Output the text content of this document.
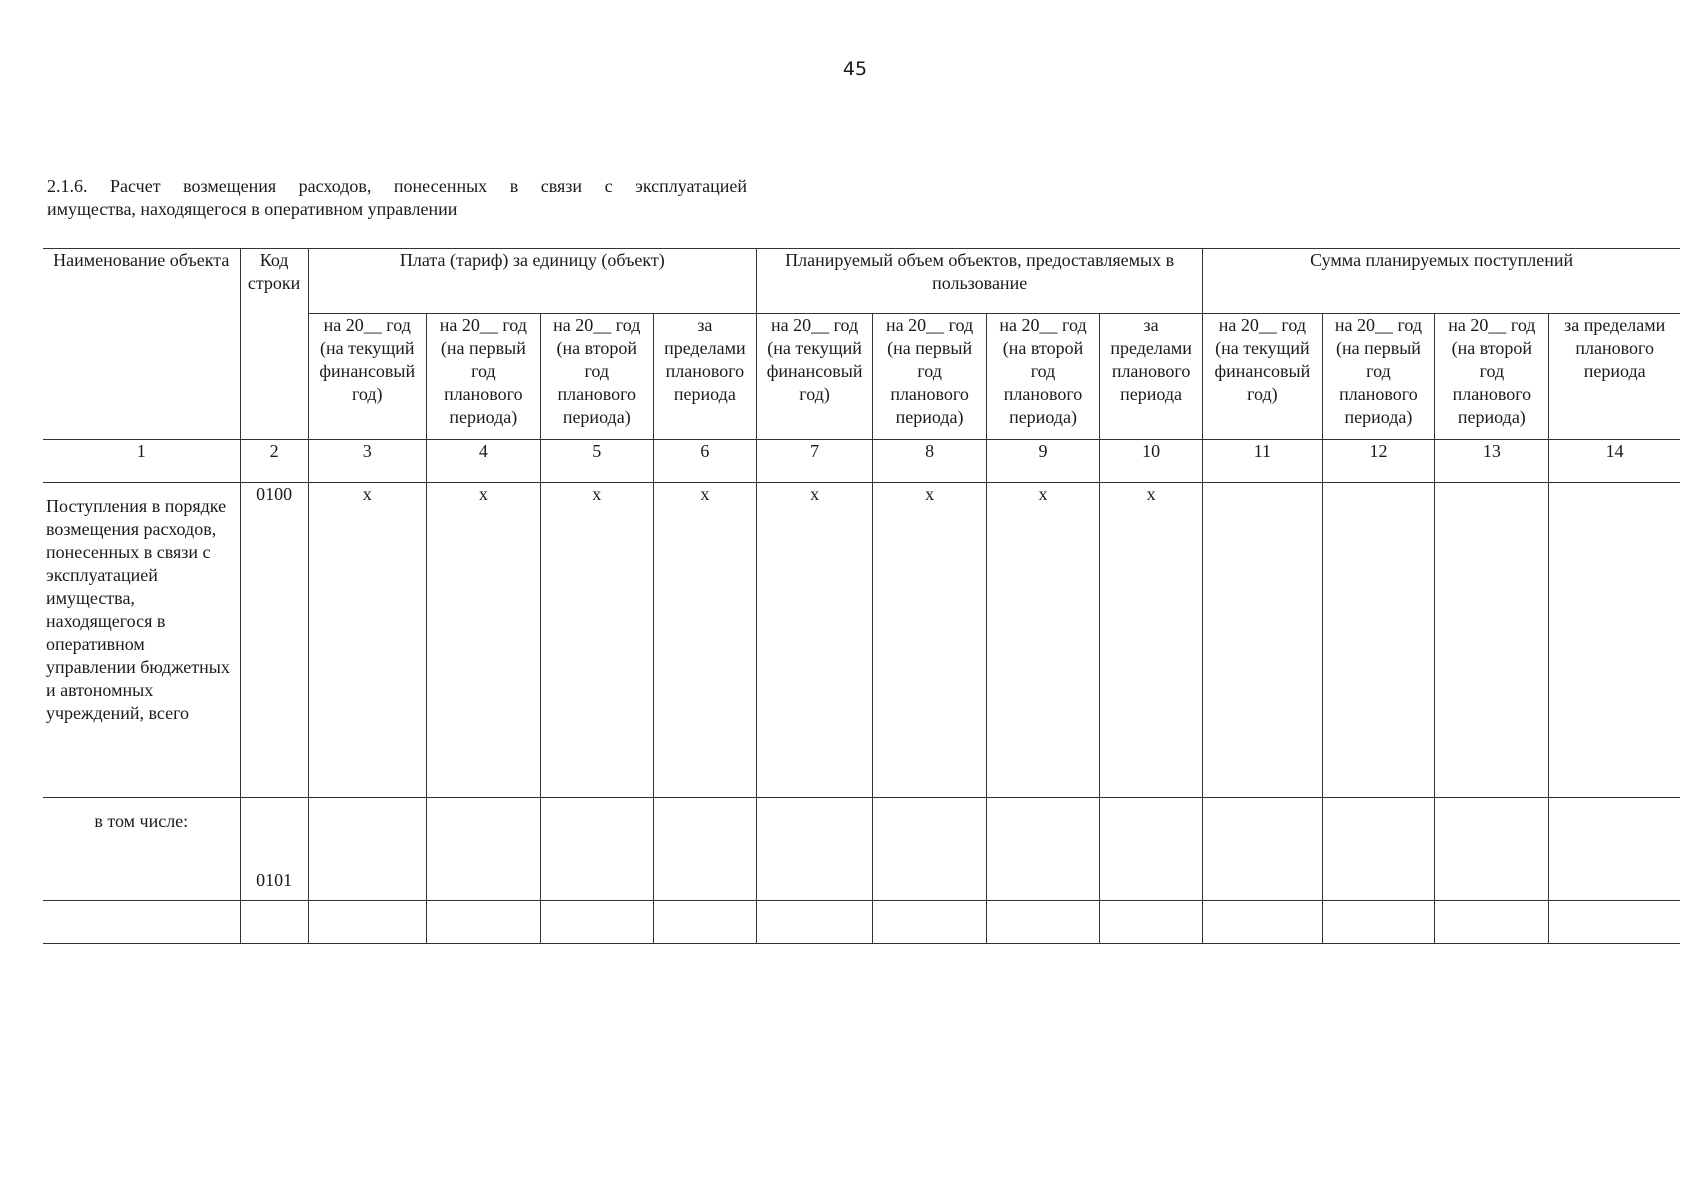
45
2.1.6. Расчет возмещения расходов, понесенных в связи с эксплуатацией
имущества, находящегося в оперативном управлении
Наименование объекта	Код строки	Плата (тариф) за единицу (объект)				Планируемый объем объектов, предоставляемых в пользование				Сумма планируемых поступлений			
		на 20__ год (на текущий финансовый год)	на 20__ год (на первый год планового периода)	на 20__ год (на второй год планового периода)	за пределами планового периода	на 20__ год (на текущий финансовый год)	на 20__ год (на первый год планового периода)	на 20__ год (на второй год планового периода)	за пределами планового периода	на 20__ год (на текущий финансовый год)	на 20__ год (на первый год планового периода)	на 20__ год (на второй год планового периода)	за пределами планового периода
1	2	3	4	5	6	7	8	9	10	11	12	13	14
Поступления в порядке возмещения расходов, понесенных в связи с эксплуатацией имущества, находящегося в оперативном управлении бюджетных и автономных учреждений, всего	0100	x	x	x	x	x	x	x	x				
в том числе:	0101												
